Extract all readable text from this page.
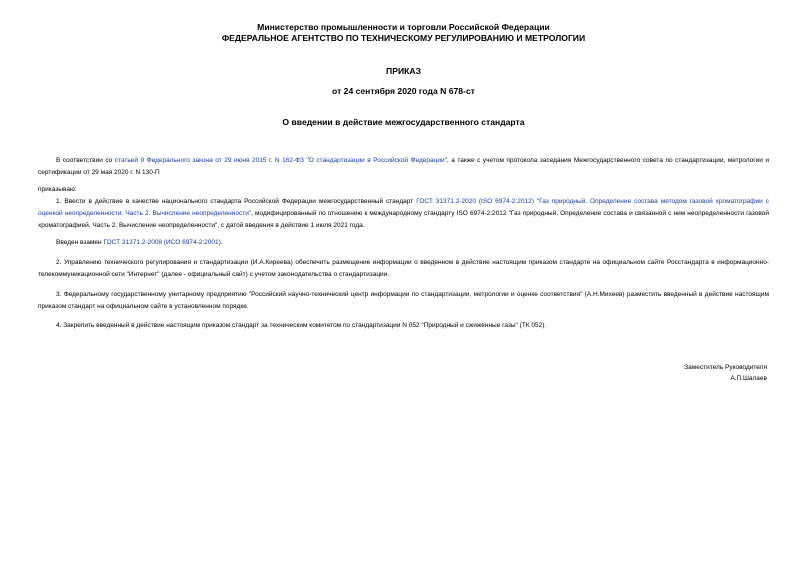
Министерство промышленности и торговли Российской Федерации
ФЕДЕРАЛЬНОЕ АГЕНТСТВО ПО ТЕХНИЧЕСКОМУ РЕГУЛИРОВАНИЮ И МЕТРОЛОГИИ
ПРИКАЗ
от 24 сентября 2020 года N 678-ст
О введении в действие межгосударственного стандарта
В соответствии со статьей 9 Федерального закона от 29 июня 2015 г. N 162-ФЗ "О стандартизации в Российской Федерации", а также с учетом протокола заседания Межгосударственного совета по стандартизации, метрологии и сертификации от 29 мая 2020 г. N 130-П
приказываю:
1. Ввести в действие в качестве национального стандарта Российской Федерации межгосударственный стандарт ГОСТ 31371.2-2020 (ISO 6974-2:2012) "Газ природный. Определение состава методом газовой хроматографии с оценкой неопределенности. Часть 2. Вычисление неопределенности", модифицированный по отношению к международному стандарту ISO 6974-2:2012 "Газ природный. Определение состава и связанной с ним неопределенности газовой хроматографией. Часть 2. Вычисление неопределенности", с датой введения в действие 1 июля 2021 года.
Введен взамен ГОСТ 31371.2-2008 (ИСО 6974-2:2001).
2. Управлению технического регулирования и стандартизации (И.А.Киреева) обеспечить размещение информации о введенном в действие настоящим приказом стандарте на официальном сайте Росстандарта в информационно-телекоммуникационной сети "Интернет" (далее - официальный сайт) с учетом законодательства о стандартизации.
3. Федеральному государственному унитарному предприятию "Российский научно-технический центр информации по стандартизации, метрологии и оценке соответствия" (А.Н.Михеев) разместить введенный в действие настоящим приказом стандарт на официальном сайте в установленном порядке.
4. Закрепить введенный в действие настоящим приказом стандарт за техническим комитетом по стандартизации N 052 "Природный и сжиженные газы" (ТК 052).
Заместитель Руководителя
А.П.Шалаев
